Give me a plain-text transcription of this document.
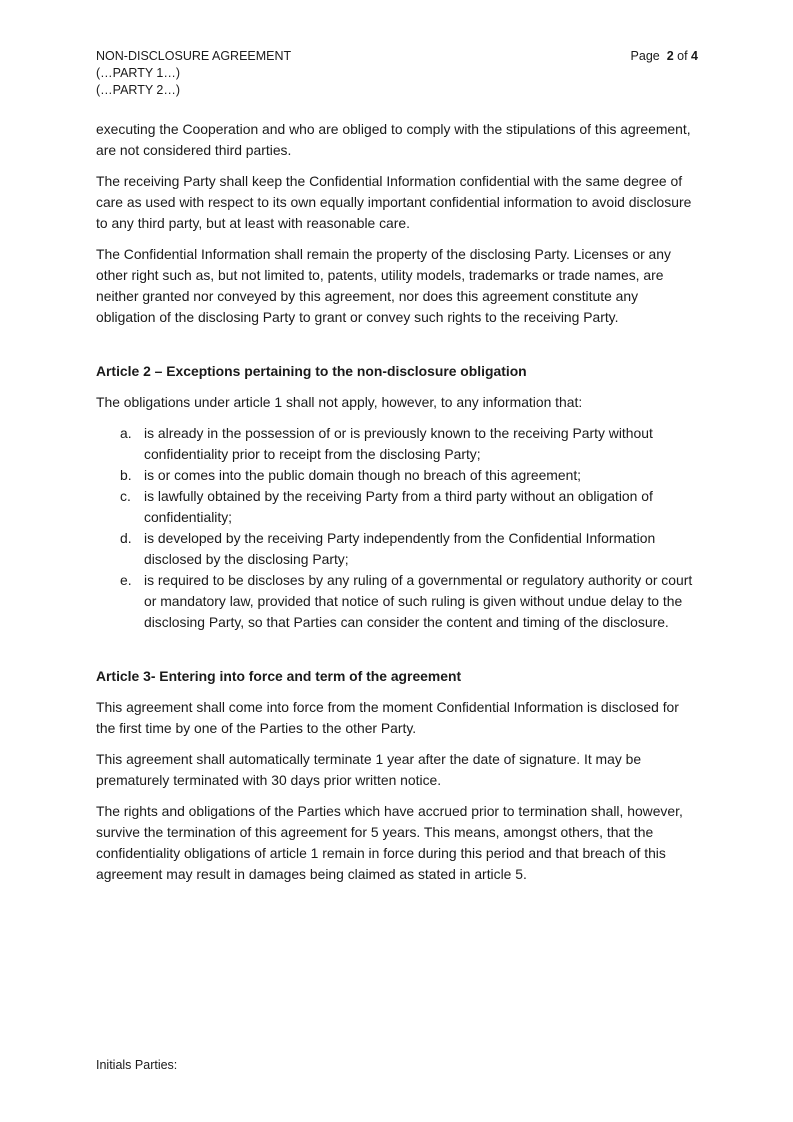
NON-DISCLOSURE AGREEMENT
(…PARTY 1…)
(…PARTY 2…)
Page 2 of 4

executing the Cooperation and who are obliged to comply with the stipulations of this agreement, are not considered third parties.

The receiving Party shall keep the Confidential Information confidential with the same degree of care as used with respect to its own equally important confidential information to avoid disclosure to any third party, but at least with reasonable care.

The Confidential Information shall remain the property of the disclosing Party. Licenses or any other right such as, but not limited to, patents, utility models, trademarks or trade names, are neither granted nor conveyed by this agreement, nor does this agreement constitute any obligation of the disclosing Party to grant or convey such rights to the receiving Party.

Article 2 – Exceptions pertaining to the non-disclosure obligation

The obligations under article 1 shall not apply, however, to any information that:

a. is already in the possession of or is previously known to the receiving Party without confidentiality prior to receipt from the disclosing Party;
b. is or comes into the public domain though no breach of this agreement;
c. is lawfully obtained by the receiving Party from a third party without an obligation of confidentiality;
d. is developed by the receiving Party independently from the Confidential Information disclosed by the disclosing Party;
e. is required to be discloses by any ruling of a governmental or regulatory authority or court or mandatory law, provided that notice of such ruling is given without undue delay to the disclosing Party, so that Parties can consider the content and timing of the disclosure.

Article 3- Entering into force and term of the agreement

This agreement shall come into force from the moment Confidential Information is disclosed for the first time by one of the Parties to the other Party.

This agreement shall automatically terminate 1 year after the date of signature. It may be prematurely terminated with 30 days prior written notice.

The rights and obligations of the Parties which have accrued prior to termination shall, however, survive the termination of this agreement for 5 years. This means, amongst others, that the confidentiality obligations of article 1 remain in force during this period and that breach of this agreement may result in damages being claimed as stated in article 5.

Initials Parties:
